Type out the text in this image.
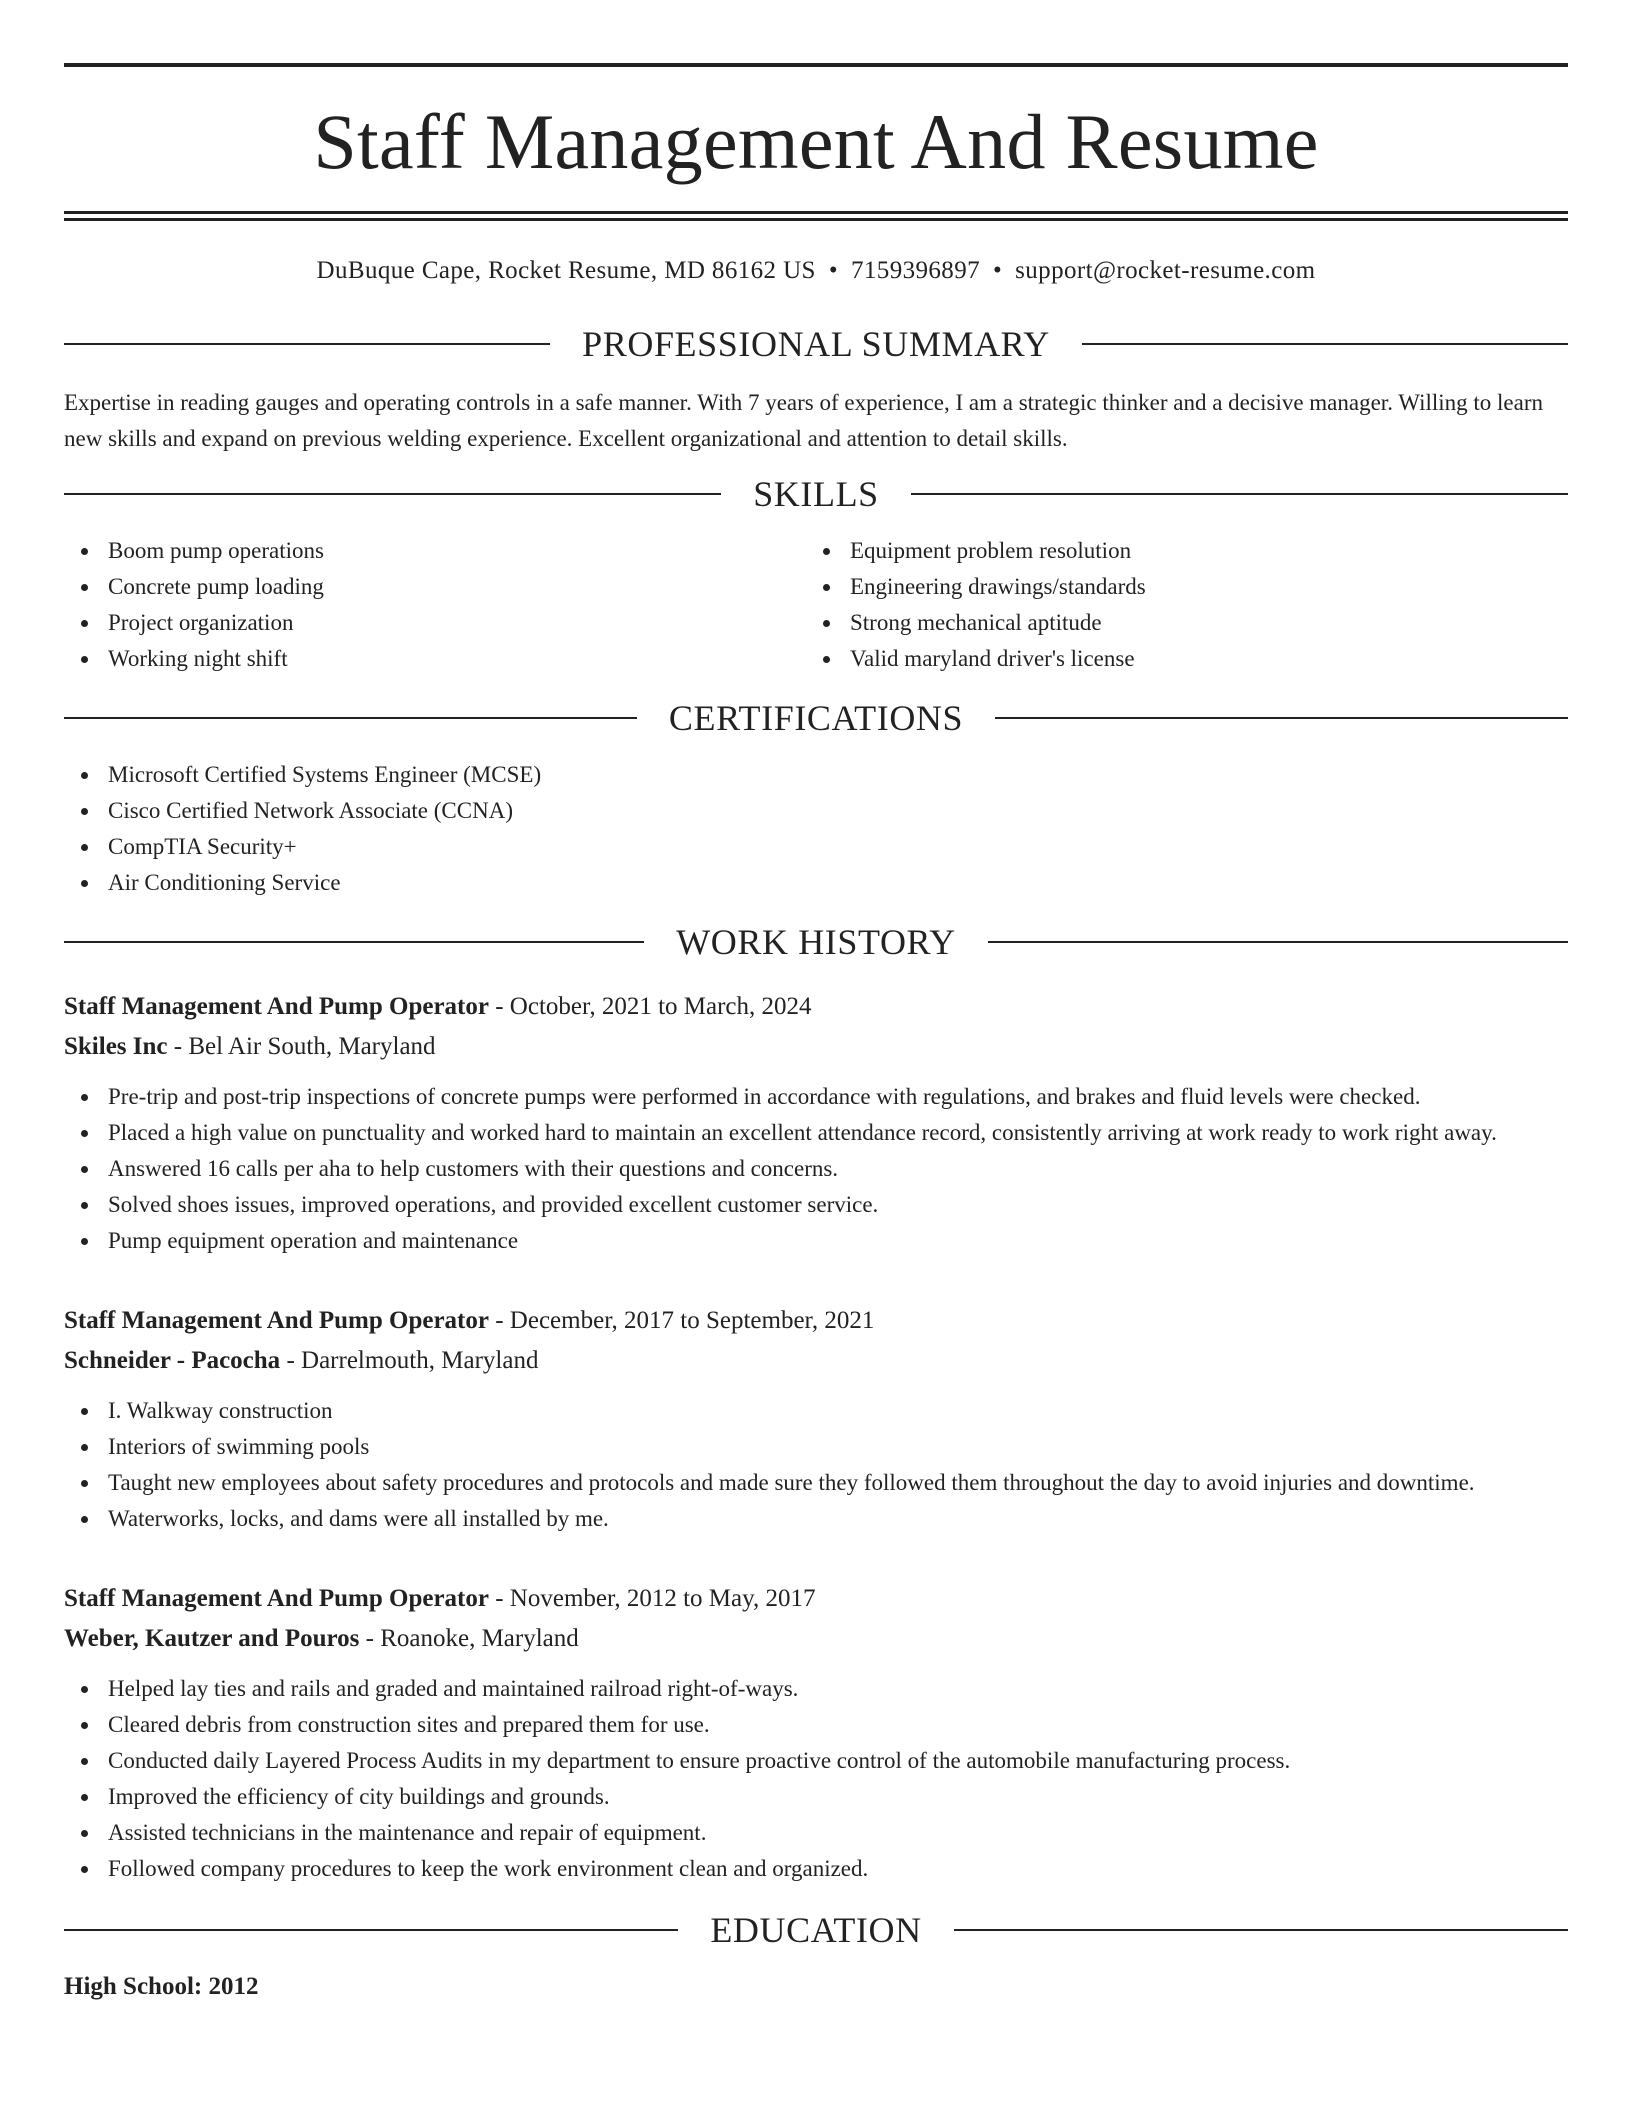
Staff Management And Resume
DuBuque Cape, Rocket Resume, MD 86162 US • 7159396897 • support@rocket-resume.com
PROFESSIONAL SUMMARY

Expertise in reading gauges and operating controls in a safe manner. With 7 years of experience, I am a strategic thinker and a decisive manager. Willing to learn new skills and expand on previous welding experience. Excellent organizational and attention to detail skills.

SKILLS
Boom pump operations
Concrete pump loading
Project organization
Working night shift
Equipment problem resolution
Engineering drawings/standards
Strong mechanical aptitude
Valid maryland driver's license
CERTIFICATIONS
Microsoft Certified Systems Engineer (MCSE)
Cisco Certified Network Associate (CCNA)
CompTIA Security+
Air Conditioning Service
WORK HISTORY
Staff Management And Pump Operator - October, 2021 to March, 2024
Skiles Inc - Bel Air South, Maryland
Pre-trip and post-trip inspections of concrete pumps were performed in accordance with regulations, and brakes and fluid levels were checked.
Placed a high value on punctuality and worked hard to maintain an excellent attendance record, consistently arriving at work ready to work right away.
Answered 16 calls per aha to help customers with their questions and concerns.
Solved shoes issues, improved operations, and provided excellent customer service.
Pump equipment operation and maintenance
Staff Management And Pump Operator - December, 2017 to September, 2021
Schneider - Pacocha - Darrelmouth, Maryland
I. Walkway construction
Interiors of swimming pools
Taught new employees about safety procedures and protocols and made sure they followed them throughout the day to avoid injuries and downtime.
Waterworks, locks, and dams were all installed by me.
Staff Management And Pump Operator - November, 2012 to May, 2017
Weber, Kautzer and Pouros - Roanoke, Maryland
Helped lay ties and rails and graded and maintained railroad right-of-ways.
Cleared debris from construction sites and prepared them for use.
Conducted daily Layered Process Audits in my department to ensure proactive control of the automobile manufacturing process.
Improved the efficiency of city buildings and grounds.
Assisted technicians in the maintenance and repair of equipment.
Followed company procedures to keep the work environment clean and organized.
EDUCATION
High School: 2012
